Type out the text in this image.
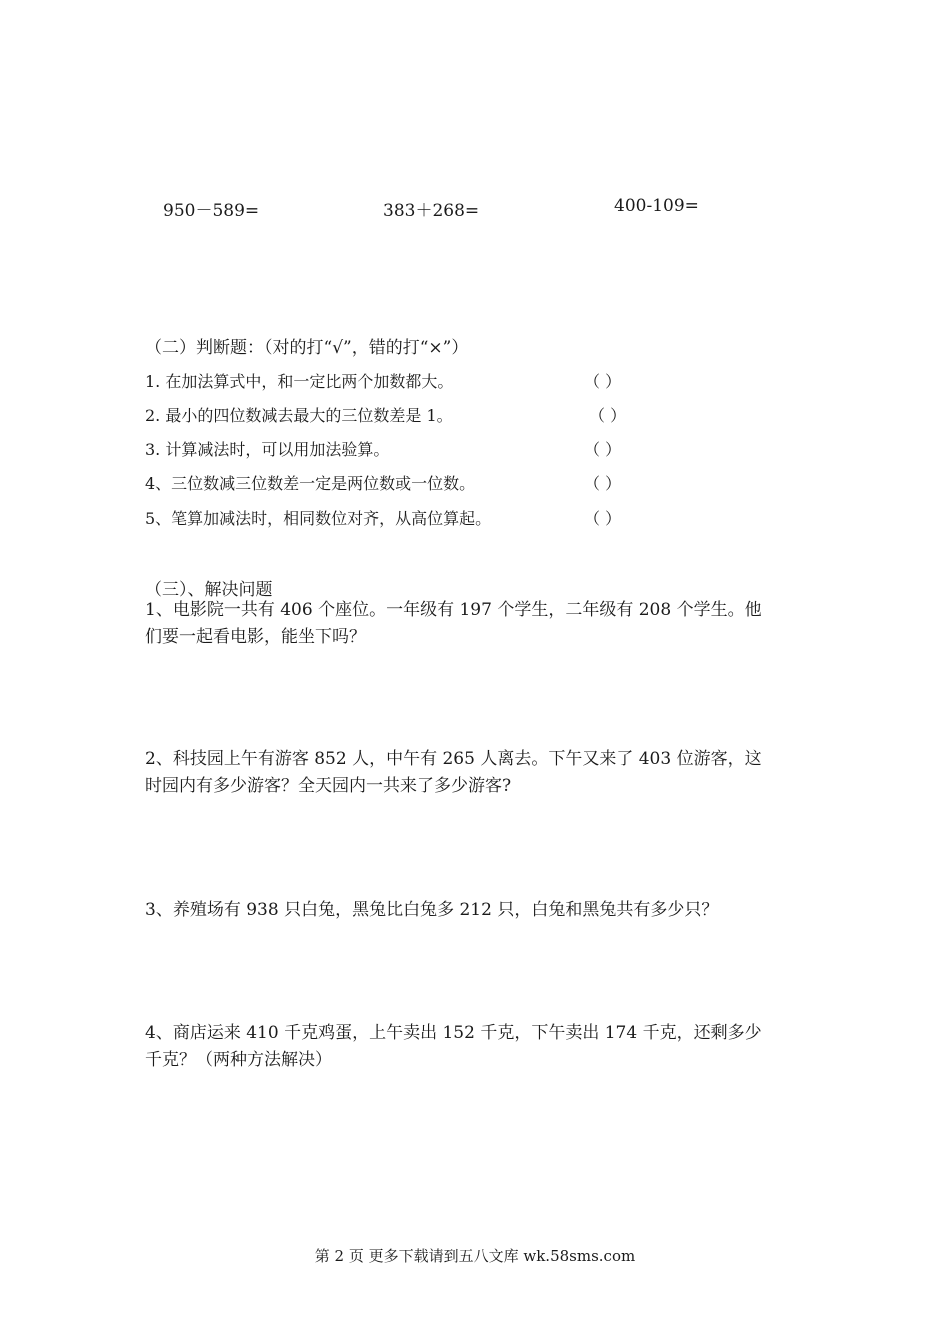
950－589=	383＋268=	400-109=
（二）判断题：（对的打“√”，错的打“×”）
1. 在加法算式中，和一定比两个加数都大。	（ ）
2. 最小的四位数减去最大的三位数差是 1。	（ ）
3. 计算减法时，可以用加法验算。	（ ）
4、三位数减三位数差一定是两位数或一位数。	（ ）
5、笔算加减法时，相同数位对齐，从高位算起。	（ ）
（三）、解决问题
1、电影院一共有 406 个座位。一年级有 197 个学生，二年级有 208 个学生。他们要一起看电影，能坐下吗？
2、科技园上午有游客 852 人，中午有 265 人离去。下午又来了 403 位游客，这时园内有多少游客？全天园内一共来了多少游客?
3、养殖场有 938 只白兔，黑兔比白兔多 212 只，白兔和黑兔共有多少只？
4、商店运来 410 千克鸡蛋，上午卖出 152 千克，下午卖出 174 千克，还剩多少千克？（两种方法解决）
第 2 页 更多下载请到五八文库 wk.58sms.com
